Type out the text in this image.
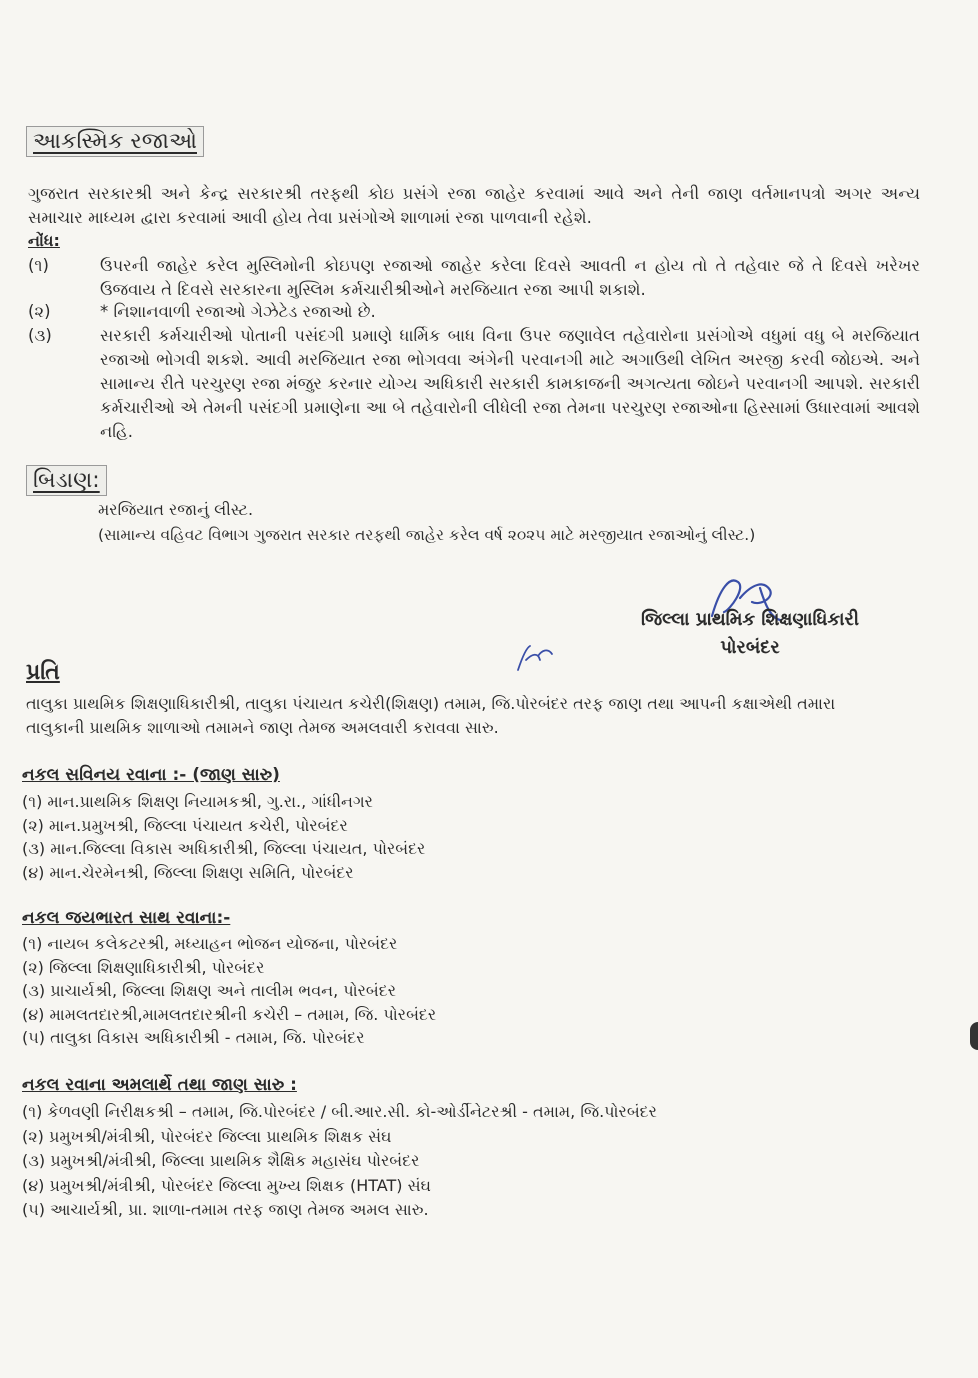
આકસ્મિક રજાઓ
ગુજરાત સરકારશ્રી અને કેન્દ્ર સરકારશ્રી તરફથી કોઇ પ્રસંગે રજા જાહેર કરવામાં આવે અને તેની જાણ વર્તમાનપત્રો અગર અન્ય સમાચાર માધ્યમ દ્વારા કરવામાં આવી હોય તેવા પ્રસંગોએ શાળામાં રજા પાળવાની રહેશે.
નોંધ:
(૧)	ઉપરની જાહેર કરેલ મુસ્લિમોની કોઇપણ રજાઓ જાહેર કરેલા દિવસે આવતી ન હોય તો તે તહેવાર જે તે દિવસે ખરેખર ઉજવાય તે દિવસે સરકારના મુસ્લિમ કર્મચારીશ્રીઓને મરજિયાત રજા આપી શકાશે.
(૨)	* નિશાનવાળી રજાઓ ગેઝેટેડ રજાઓ છે.
(૩)	સરકારી કર્મચારીઓ પોતાની પસંદગી પ્રમાણે ધાર્મિક બાધ વિના ઉપર જણાવેલ તહેવારોના પ્રસંગોએ વધુમાં વધુ બે મરજિયાત રજાઓ ભોગવી શકશે. આવી મરજિયાત રજા ભોગવવા અંગેની પરવાનગી માટે અગાઉથી લેખિત અરજી કરવી જોઇએ. અને સામાન્ય રીતે પરચુરણ રજા મંજુર કરનાર યોગ્ય અધિકારી સરકારી કામકાજની અગત્યતા જોઇને પરવાનગી આપશે. સરકારી કર્મચારીઓ એ તેમની પસંદગી પ્રમાણેના આ બે તહેવારોની લીધેલી રજા તેમના પરચુરણ રજાઓના હિસ્સામાં ઉધારવામાં આવશે નહિ.
બિડાણ:
મરજિયાત રજાનું લીસ્ટ.
(સામાન્ય વહિવટ વિભાગ ગુજરાત સરકાર તરફથી જાહેર કરેલ વર્ષ ૨૦૨૫ માટે મરજીયાત રજાઓનું લીસ્ટ.)
જિલ્લા પ્રાથમિક શિક્ષણાધિકારી
પોરબંદર
પ્રતિ
તાલુકા પ્રાથમિક શિક્ષણાધિકારીશ્રી, તાલુકા પંચાયત કચેરી(શિક્ષણ) તમામ, જિ.પોરબંદર તરફ જાણ તથા આપની કક્ષાએથી તમારા
તાલુકાની પ્રાથમિક શાળાઓ તમામને જાણ તેમજ અમલવારી કરાવવા સારુ.
નકલ સવિનય રવાના :- (જાણ સારુ)
(૧) માન.પ્રાથમિક શિક્ષણ નિયામકશ્રી, ગુ.રા., ગાંધીનગર
(૨) માન.પ્રમુખશ્રી, જિલ્લા પંચાયત કચેરી, પોરબંદર
(૩) માન.જિલ્લા વિકાસ અધિકારીશ્રી, જિલ્લા પંચાયત, પોરબંદર
(૪) માન.ચેરમેનશ્રી, જિલ્લા શિક્ષણ સમિતિ, પોરબંદર
નકલ જયભારત સાથ રવાના:-
(૧) નાયબ કલેકટરશ્રી, મધ્યાહન ભોજન યોજના, પોરબંદર
(૨) જિલ્લા શિક્ષણાધિકારીશ્રી, પોરબંદર
(૩) પ્રાચાર્યશ્રી, જિલ્લા શિક્ષણ અને તાલીમ ભવન, પોરબંદર
(૪) મામલતદારશ્રી,મામલતદારશ્રીની કચેરી – તમામ, જિ. પોરબંદર
(૫) તાલુકા વિકાસ અધિકારીશ્રી - તમામ, જિ. પોરબંદર
નકલ રવાના અમલાર્થે તથા જાણ સારુ :
(૧) કેળવણી નિરીક્ષકશ્રી – તમામ, જિ.પોરબંદર / બી.આર.સી. કો-ઓર્ડીનેટરશ્રી - તમામ, જિ.પોરબંદર
(૨) પ્રમુખશ્રી/મંત્રીશ્રી, પોરબંદર જિલ્લા પ્રાથમિક શિક્ષક સંઘ
(૩) પ્રમુખશ્રી/મંત્રીશ્રી, જિલ્લા પ્રાથમિક શૈક્ષિક મહાસંઘ પોરબંદર
(૪) પ્રમુખશ્રી/મંત્રીશ્રી, પોરબંદર જિલ્લા મુખ્ય શિક્ષક (HTAT) સંઘ
(૫) આચાર્યશ્રી, પ્રા. શાળા-તમામ તરફ જાણ તેમજ અમલ સારુ.
